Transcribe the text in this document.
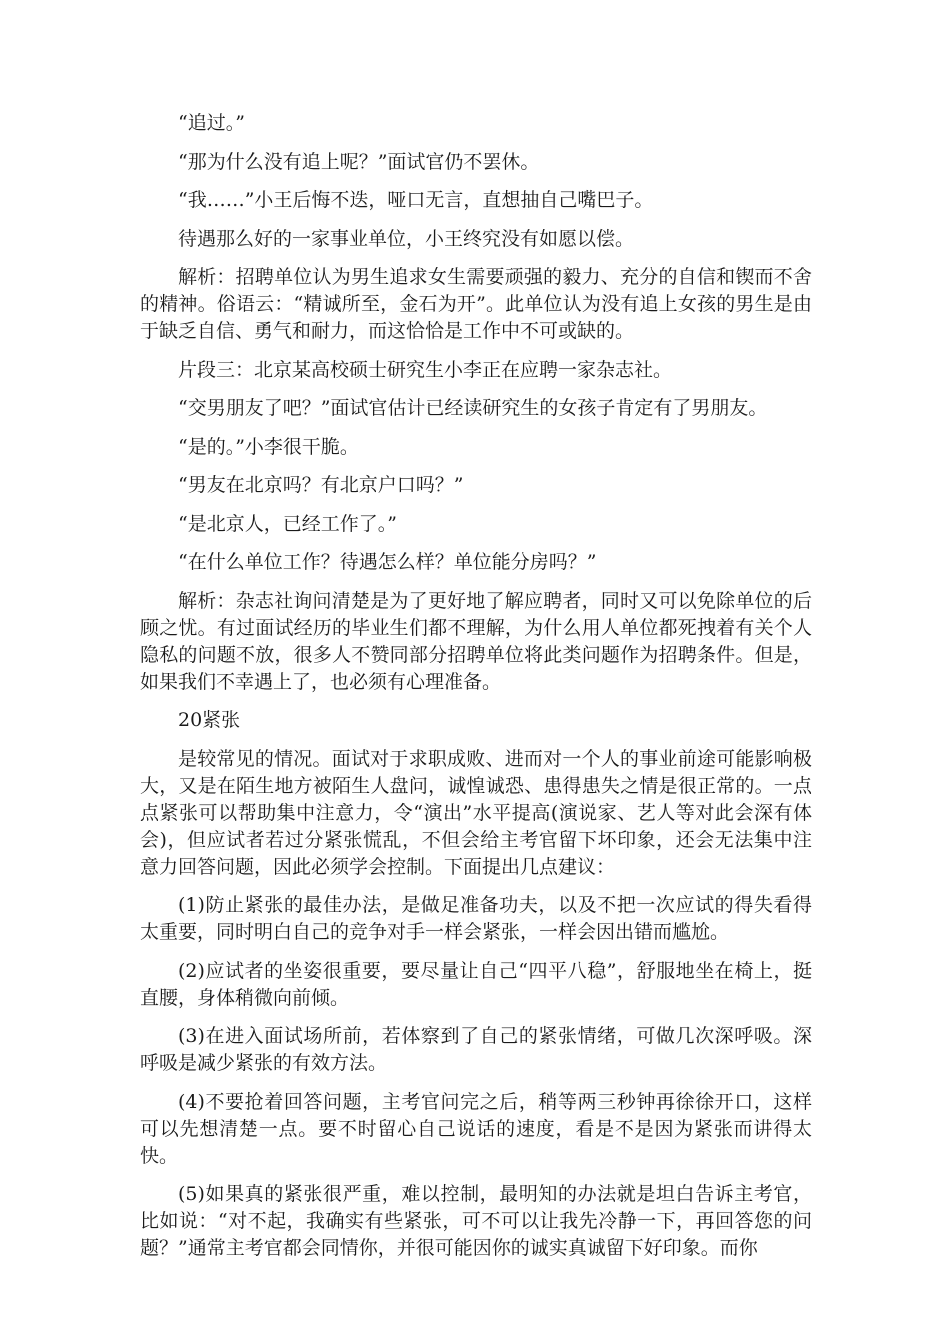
“追过。”

“那为什么没有追上呢？”面试官仍不罢休。

“我……”小王后悔不迭，哑口无言，直想抽自己嘴巴子。

待遇那么好的一家事业单位，小王终究没有如愿以偿。

解析：招聘单位认为男生追求女生需要顽强的毅力、充分的自信和锲而不舍的精神。俗语云：“精诚所至，金石为开”。此单位认为没有追上女孩的男生是由于缺乏自信、勇气和耐力，而这恰恰是工作中不可或缺的。

片段三：北京某高校硕士研究生小李正在应聘一家杂志社。

“交男朋友了吧？”面试官估计已经读研究生的女孩子肯定有了男朋友。

“是的。”小李很干脆。

“男友在北京吗？有北京户口吗？”

“是北京人，已经工作了。”

“在什么单位工作？待遇怎么样？单位能分房吗？”

解析：杂志社询问清楚是为了更好地了解应聘者，同时又可以免除单位的后顾之忧。有过面试经历的毕业生们都不理解，为什么用人单位都死拽着有关个人隐私的问题不放，很多人不赞同部分招聘单位将此类问题作为招聘条件。但是，如果我们不幸遇上了，也必须有心理准备。

20紧张

是较常见的情况。面试对于求职成败、进而对一个人的事业前途可能影响极大，又是在陌生地方被陌生人盘问，诚惶诚恐、患得患失之情是很正常的。一点点紧张可以帮助集中注意力，令“演出”水平提高(演说家、艺人等对此会深有体会)，但应试者若过分紧张慌乱，不但会给主考官留下坏印象，还会无法集中注意力回答问题，因此必须学会控制。下面提出几点建议：

(1)防止紧张的最佳办法，是做足准备功夫，以及不把一次应试的得失看得太重要，同时明白自己的竞争对手一样会紧张，一样会因出错而尴尬。

(2)应试者的坐姿很重要，要尽量让自己“四平八稳”，舒服地坐在椅上，挺直腰，身体稍微向前倾。

(3)在进入面试场所前，若体察到了自己的紧张情绪，可做几次深呼吸。深呼吸是减少紧张的有效方法。

(4)不要抢着回答问题，主考官问完之后，稍等两三秒钟再徐徐开口，这样可以先想清楚一点。要不时留心自己说话的速度，看是不是因为紧张而讲得太快。

(5)如果真的紧张很严重，难以控制，最明知的办法就是坦白告诉主考官，比如说：“对不起，我确实有些紧张，可不可以让我先冷静一下，再回答您的问题？”通常主考官都会同情你，并很可能因你的诚实真诚留下好印象。而你
